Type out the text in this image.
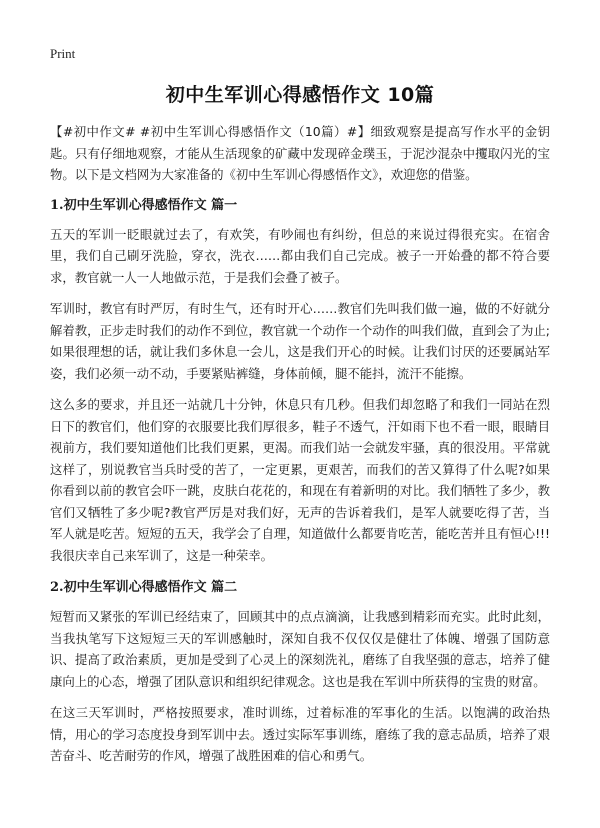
Print
初中生军训心得感悟作文 10篇

【#初中作文# #初中生军训心得感悟作文（10篇）#】细致观察是提高写作水平的金钥匙。只有仔细地观察，才能从生活现象的矿藏中发现碎金璞玉，于泥沙混杂中攫取闪光的宝物。以下是文档网为大家准备的《初中生军训心得感悟作文》，欢迎您的借鉴。

1.初中生军训心得感悟作文 篇一

五天的军训一眨眼就过去了，有欢笑，有吵闹也有纠纷，但总的来说过得很充实。在宿舍里，我们自己刷牙洗脸，穿衣，洗衣……都由我们自己完成。被子一开始叠的都不符合要求，教官就一人一人地做示范，于是我们会叠了被子。

军训时，教官有时严厉，有时生气，还有时开心……教官们先叫我们做一遍，做的不好就分解着教，正步走时我们的动作不到位，教官就一个动作一个动作的叫我们做，直到会了为止;如果很理想的话，就让我们多休息一会儿，这是我们开心的时候。让我们讨厌的还要属站军姿，我们必须一动不动，手要紧贴裤缝，身体前倾，腿不能抖，流汗不能擦。

这么多的要求，并且还一站就几十分钟，休息只有几秒。但我们却忽略了和我们一同站在烈日下的教官们，他们穿的衣服要比我们厚很多，鞋子不透气，汗如雨下也不看一眼，眼睛目视前方，我们要知道他们比我们更累，更渴。而我们站一会就发牢骚，真的很没用。平常就这样了，别说教官当兵时受的苦了，一定更累，更艰苦，而我们的苦又算得了什么呢?如果你看到以前的教官会吓一跳，皮肤白花花的，和现在有着新明的对比。我们牺牲了多少，教官们又牺牲了多少呢?教官严厉是对我们好，无声的告诉着我们，是军人就要吃得了苦，当军人就是吃苦。短短的五天，我学会了自理，知道做什么都要肯吃苦，能吃苦并且有恒心!!!我很庆幸自己来军训了，这是一种荣幸。

2.初中生军训心得感悟作文 篇二

短暂而又紧张的军训已经结束了，回顾其中的点点滴滴，让我感到精彩而充实。此时此刻，当我执笔写下这短短三天的军训感触时，深知自我不仅仅仅是健壮了体魄、增强了国防意识、提高了政治素质，更加是受到了心灵上的深刻洗礼，磨练了自我坚强的意志，培养了健康向上的心态，增强了团队意识和组织纪律观念。这也是我在军训中所获得的宝贵的财富。

在这三天军训时，严格按照要求，准时训练，过着标准的军事化的生活。以饱满的政治热情，用心的学习态度投身到军训中去。透过实际军事训练，磨练了我的意志品质，培养了艰苦奋斗、吃苦耐劳的作风，增强了战胜困难的信心和勇气。
